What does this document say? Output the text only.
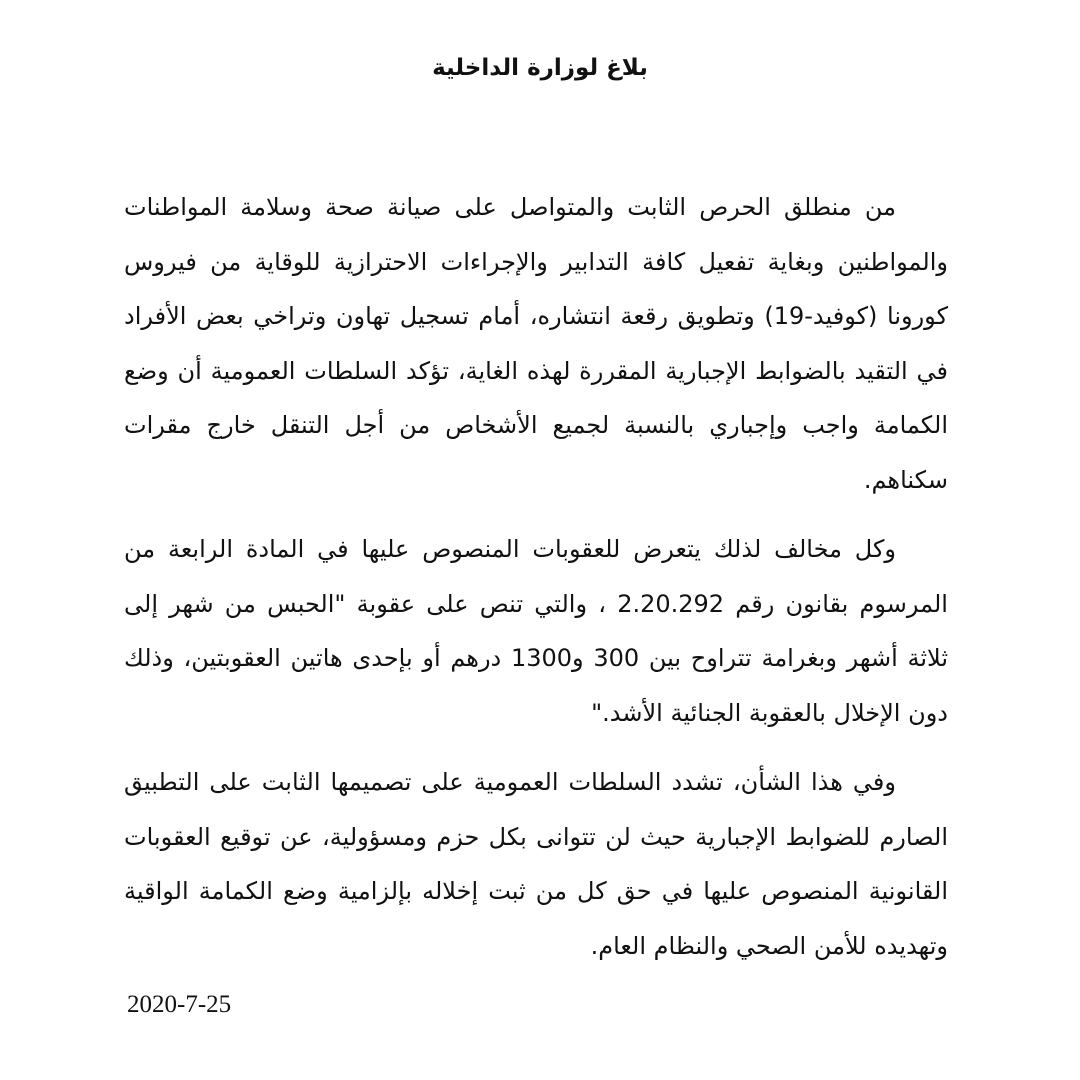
بلاغ لوزارة الداخلية

من منطلق الحرص الثابت والمتواصل على صيانة صحة وسلامة المواطنات والمواطنين وبغاية تفعيل كافة التدابير والإجراءات الاحترازية للوقاية من فيروس كورونا (كوفيد-19) وتطويق رقعة انتشاره، أمام تسجيل تهاون وتراخي بعض الأفراد في التقيد بالضوابط الإجبارية المقررة لهذه الغاية، تؤكد السلطات العمومية أن وضع الكمامة واجب وإجباري بالنسبة لجميع الأشخاص من أجل التنقل خارج مقرات سكناهم.

وكل مخالف لذلك يتعرض للعقوبات المنصوص عليها في المادة الرابعة من المرسوم بقانون رقم 2.20.292 ، والتي تنص على عقوبة "الحبس من شهر إلى ثلاثة أشهر وبغرامة تتراوح بين 300 و1300 درهم أو بإحدى هاتين العقوبتين، وذلك دون الإخلال بالعقوبة الجنائية الأشد."

وفي هذا الشأن، تشدد السلطات العمومية على تصميمها الثابت على التطبيق الصارم للضوابط الإجبارية حيث لن تتوانى بكل حزم ومسؤولية، عن توقيع العقوبات القانونية المنصوص عليها في حق كل من ثبت إخلاله بإلزامية وضع الكمامة الواقية وتهديده للأمن الصحي والنظام العام.

2020-7-25
